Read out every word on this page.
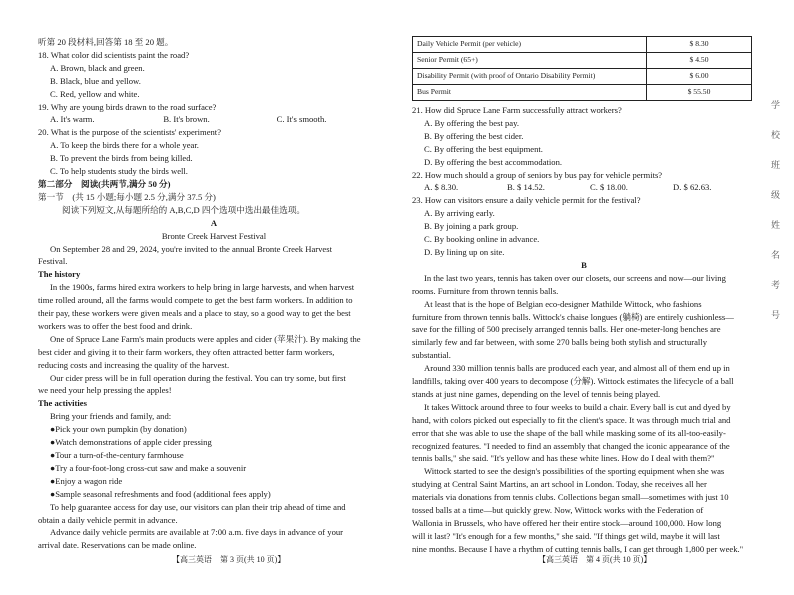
听第 20 段材料,回答第 18 至 20 题。
18. What color did scientists paint the road?
A. Brown, black and green.
B. Black, blue and yellow.
C. Red, yellow and white.
19. Why are young birds drawn to the road surface?
A. It's warm.	B. It's brown.	C. It's smooth.
20. What is the purpose of the scientists' experiment?
A. To keep the birds there for a whole year.
B. To prevent the birds from being killed.
C. To help students study the birds well.
第二部分　阅读(共两节,满分 50 分)
第一节　(共 15 小题;每小题 2.5 分,满分 37.5 分)
阅读下列短文,从每题所给的 A,B,C,D 四个选项中选出最佳选项。
A
Bronte Creek Harvest Festival
On September 28 and 29, 2024, you're invited to the annual Bronte Creek Harvest
Festival.
The history
In the 1900s, farms hired extra workers to help bring in large harvests, and when harvest
time rolled around, all the farms would compete to get the best farm workers. In addition to
their pay, these workers were given meals and a place to stay, so a good way to get the best
workers was to offer the best food and drink.
One of Spruce Lane Farm's main products were apples and cider (苹果汁). By making the
best cider and giving it to their farm workers, they often attracted better farm workers,
reducing costs and increasing the quality of the harvest.
Our cider press will be in full operation during the festival. You can try some, but first
we need your help pressing the apples!
The activities
Bring your friends and family, and:
●Pick your own pumpkin (by donation)
●Watch demonstrations of apple cider pressing
●Tour a turn-of-the-century farmhouse
●Try a four-foot-long cross-cut saw and make a souvenir
●Enjoy a wagon ride
●Sample seasonal refreshments and food (additional fees apply)
To help guarantee access for day use, our visitors can plan their trip ahead of time and
obtain a daily vehicle permit in advance.
Advance daily vehicle permits are available at 7:00 a.m. five days in advance of your
arrival date. Reservations can be made online.
Daily Vehicle Permit (per vehicle)	$ 8.30
Senior Permit (65+)	$ 4.50
Disability Permit (with proof of Ontario Disability Permit)	$ 6.00
Bus Permit	$ 55.50
21. How did Spruce Lane Farm successfully attract workers?
A. By offering the best pay.
B. By offering the best cider.
C. By offering the best equipment.
D. By offering the best accommodation.
22. How much should a group of seniors by bus pay for vehicle permits?
A. $ 8.30.	B. $ 14.52.	C. $ 18.00.	D. $ 62.63.
23. How can visitors ensure a daily vehicle permit for the festival?
A. By arriving early.
B. By joining a park group.
C. By booking online in advance.
D. By lining up on site.
B
In the last two years, tennis has taken over our closets, our screens and now—our living
rooms. Furniture from thrown tennis balls.
At least that is the hope of Belgian eco-designer Mathilde Wittock, who fashions
furniture from thrown tennis balls. Wittock's chaise longues (躺椅) are entirely cushionless—
save for the filling of 500 precisely arranged tennis balls. Her one-meter-long benches are
similarly few and far between, with some 270 balls being both stylish and structurally
substantial.
Around 330 million tennis balls are produced each year, and almost all of them end up in
landfills, taking over 400 years to decompose (分解). Wittock estimates the lifecycle of a ball
stands at just nine games, depending on the level of tennis being played.
It takes Wittock around three to four weeks to build a chair. Every ball is cut and dyed by
hand, with colors picked out especially to fit the client's space. It was through much trial and
error that she was able to use the shape of the ball while masking some of its all-too-easily-
recognized features. "I needed to find an assembly that changed the iconic appearance of the
tennis balls," she said. "It's yellow and has these white lines. How do I deal with them?"
Wittock started to see the design's possibilities of the sporting equipment when she was
studying at Central Saint Martins, an art school in London. Today, she receives all her
materials via donations from tennis clubs. Collections began small—sometimes with just 10
tossed balls at a time—but quickly grew. Now, Wittock works with the Federation of
Wallonia in Brussels, who have offered her their entire stock—around 100,000. How long
will it last? "It's enough for a few months," she said. "If things get wild, maybe it will last
nine months. Because I have a rhythm of cutting tennis balls, I can get through 1,800 per week."
【高三英语　第 3 页(共 10 页)】	【高三英语　第 4 页(共 10 页)】
学　校　班　级　姓　名　考　号
